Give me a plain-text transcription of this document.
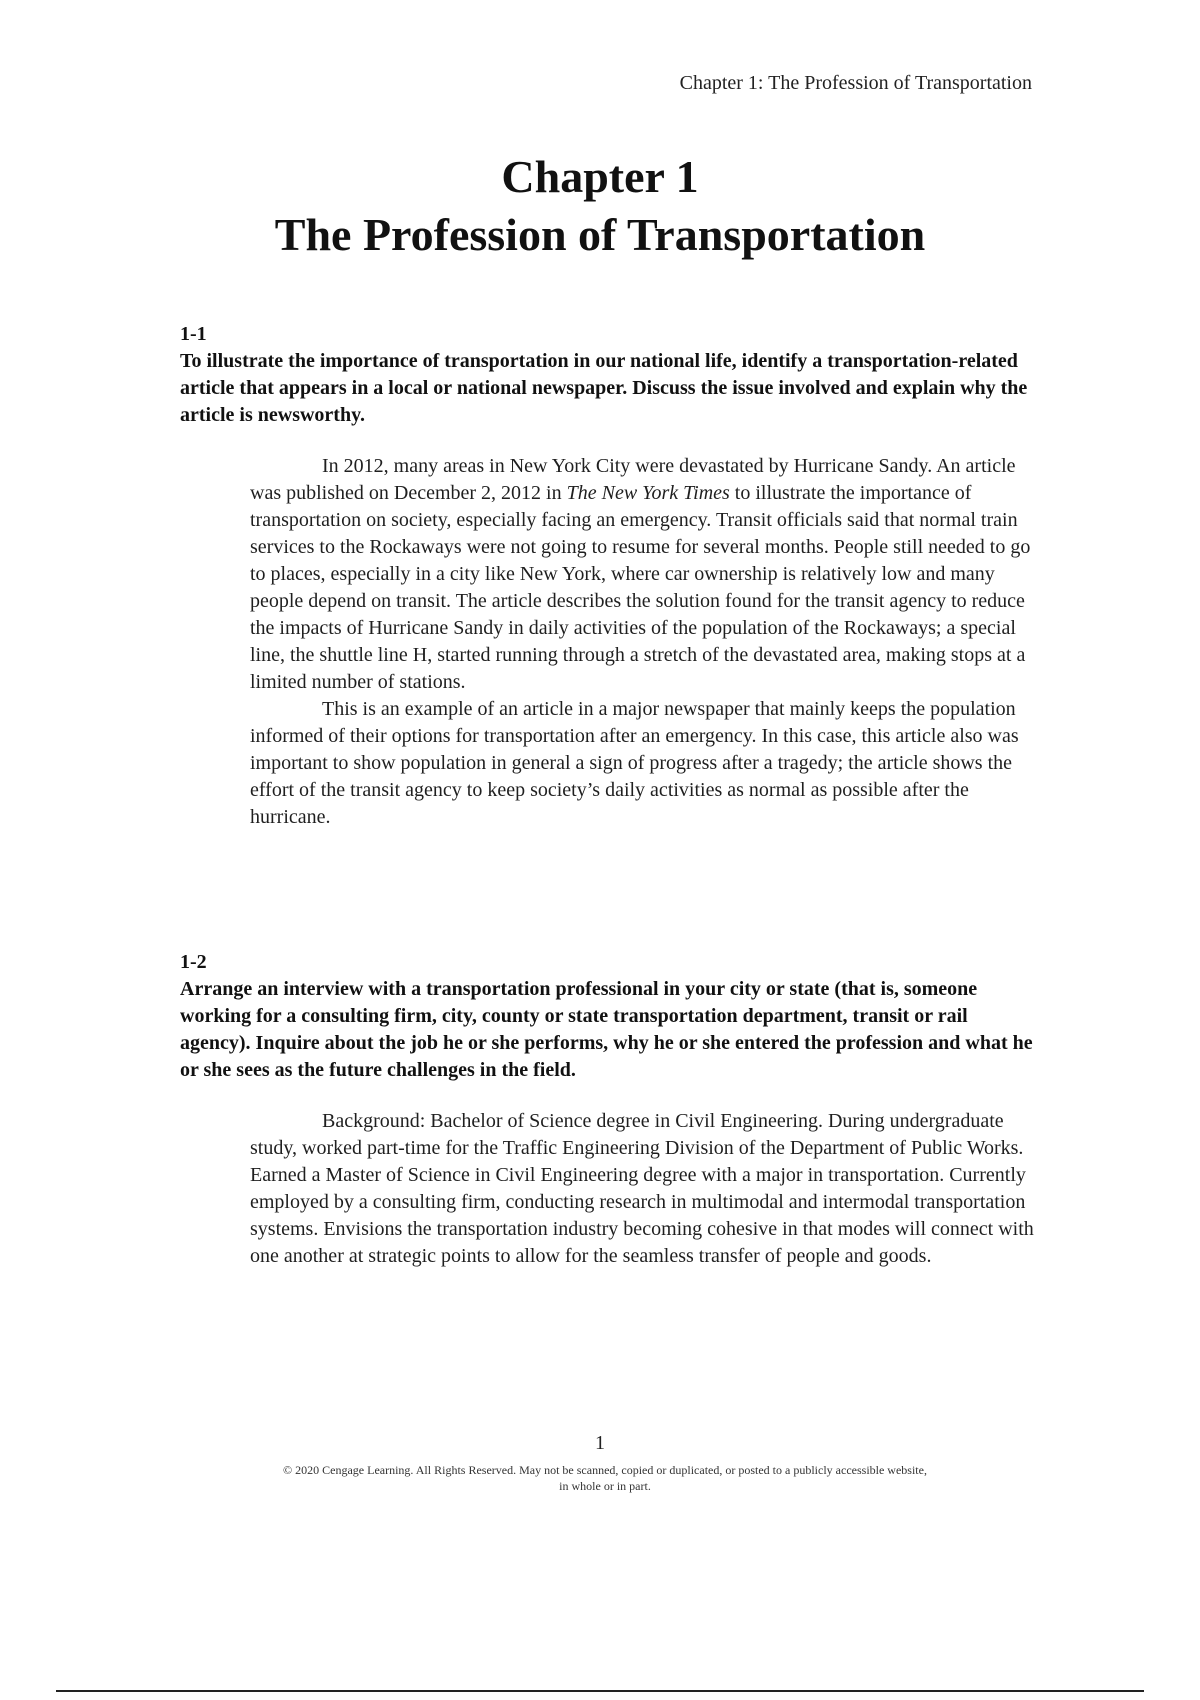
Chapter 1: The Profession of Transportation
Chapter 1
The Profession of Transportation
1-1
To illustrate the importance of transportation in our national life, identify a transportation-related article that appears in a local or national newspaper. Discuss the issue involved and explain why the article is newsworthy.

In 2012, many areas in New York City were devastated by Hurricane Sandy. An article was published on December 2, 2012 in The New York Times to illustrate the importance of transportation on society, especially facing an emergency. Transit officials said that normal train services to the Rockaways were not going to resume for several months. People still needed to go to places, especially in a city like New York, where car ownership is relatively low and many people depend on transit. The article describes the solution found for the transit agency to reduce the impacts of Hurricane Sandy in daily activities of the population of the Rockaways; a special line, the shuttle line H, started running through a stretch of the devastated area, making stops at a limited number of stations.

This is an example of an article in a major newspaper that mainly keeps the population informed of their options for transportation after an emergency. In this case, this article also was important to show population in general a sign of progress after a tragedy; the article shows the effort of the transit agency to keep society’s daily activities as normal as possible after the hurricane.

1-2
Arrange an interview with a transportation professional in your city or state (that is, someone working for a consulting firm, city, county or state transportation department, transit or rail agency). Inquire about the job he or she performs, why he or she entered the profession and what he or she sees as the future challenges in the field.

Background: Bachelor of Science degree in Civil Engineering. During undergraduate study, worked part-time for the Traffic Engineering Division of the Department of Public Works. Earned a Master of Science in Civil Engineering degree with a major in transportation. Currently employed by a consulting firm, conducting research in multimodal and intermodal transportation systems. Envisions the transportation industry becoming cohesive in that modes will connect with one another at strategic points to allow for the seamless transfer of people and goods.

1
© 2020 Cengage Learning. All Rights Reserved. May not be scanned, copied or duplicated, or posted to a publicly accessible website,
in whole or in part.
